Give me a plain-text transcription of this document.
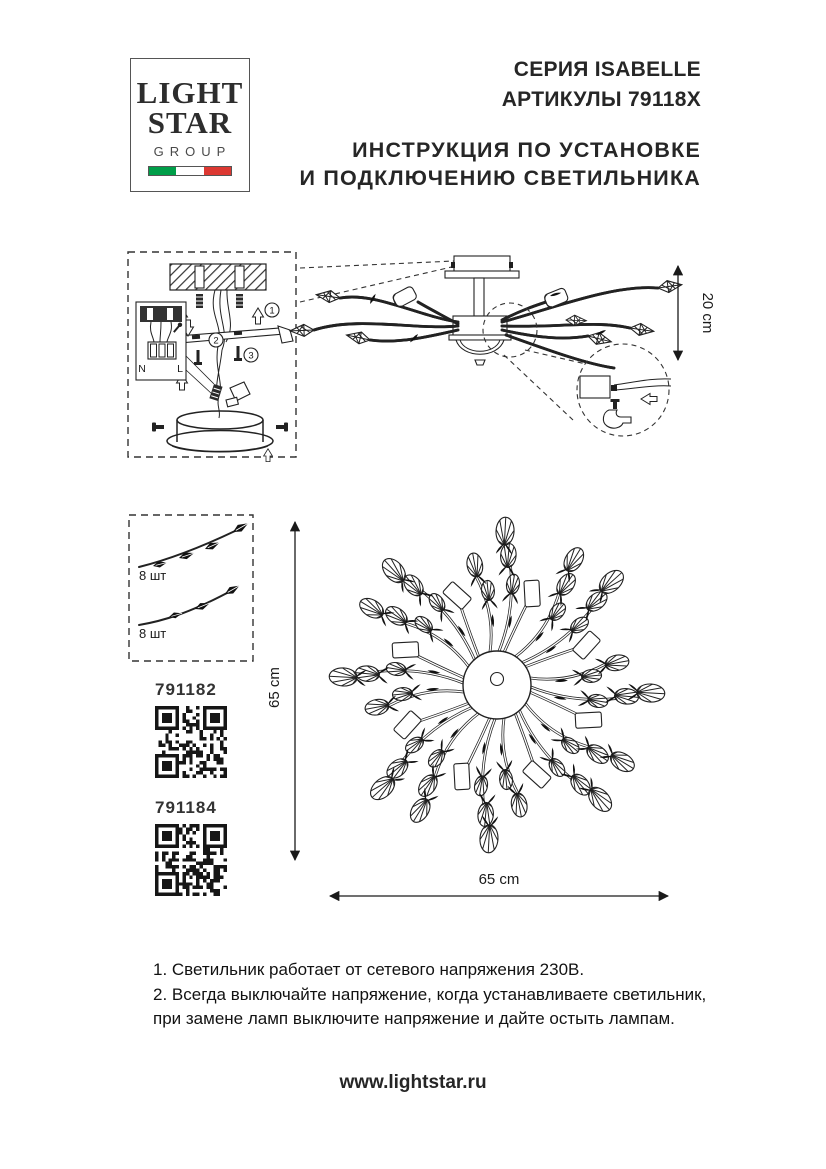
LIGHT
STAR
GROUP
СЕРИЯ ISABELLE
АРТИКУЛЫ 79118X
ИНСТРУКЦИЯ ПО УСТАНОВКЕ
И ПОДКЛЮЧЕНИЮ СВЕТИЛЬНИКА
1
2
3
N	L
20 cm
8 шт
8 шт
791182
791184
65 cm
65 cm
1. Светильник работает от сетевого напряжения 230В.
2. Всегда выключайте напряжение, когда устанавливаете светильник,
при замене ламп выключите напряжение и дайте остыть лампам.
www.lightstar.ru
